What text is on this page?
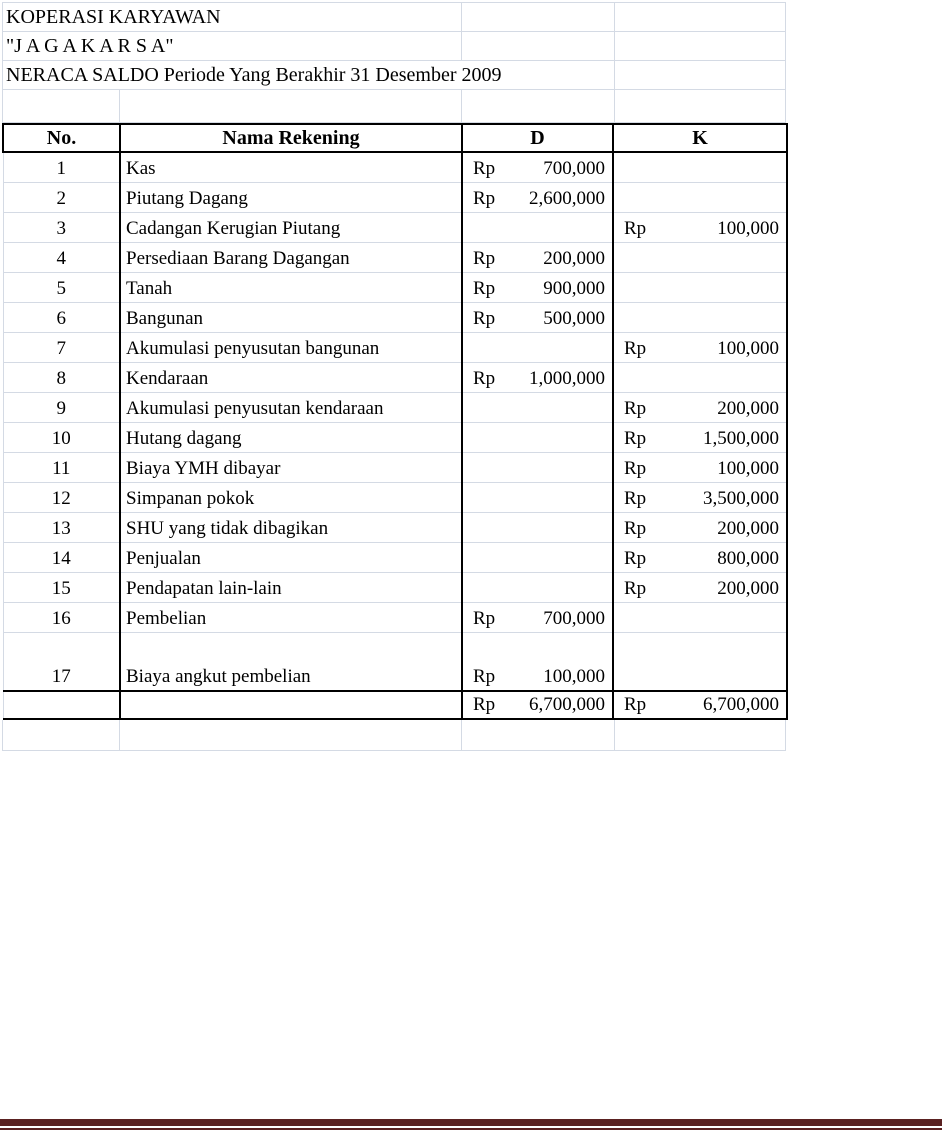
KOPERASI KARYAWAN
"J A G A K A R S A"
NERACA SALDO Periode Yang Berakhir 31 Desember 2009
No.	Nama Rekening	D	K
1	Kas	Rp 700,000	

2	Piutang Dagang	Rp 2,600,000	

3	Cadangan Kerugian Piutang		Rp 100,000

4	Persediaan Barang Dagangan	Rp 200,000	

5	Tanah	Rp 900,000	

6	Bangunan	Rp 500,000	

7	Akumulasi penyusutan bangunan		Rp 100,000

8	Kendaraan	Rp 1,000,000	

9	Akumulasi penyusutan kendaraan		Rp 200,000

10	Hutang dagang		Rp 1,500,000

11	Biaya YMH dibayar		Rp 100,000

12	Simpanan pokok		Rp 3,500,000

13	SHU yang tidak dibagikan		Rp 200,000

14	Penjualan		Rp 800,000

15	Pendapatan lain-lain		Rp 200,000

16	Pembelian	Rp 700,000	

17	Biaya angkut pembelian	Rp 100,000	

		Rp 6,700,000	Rp 6,700,000
